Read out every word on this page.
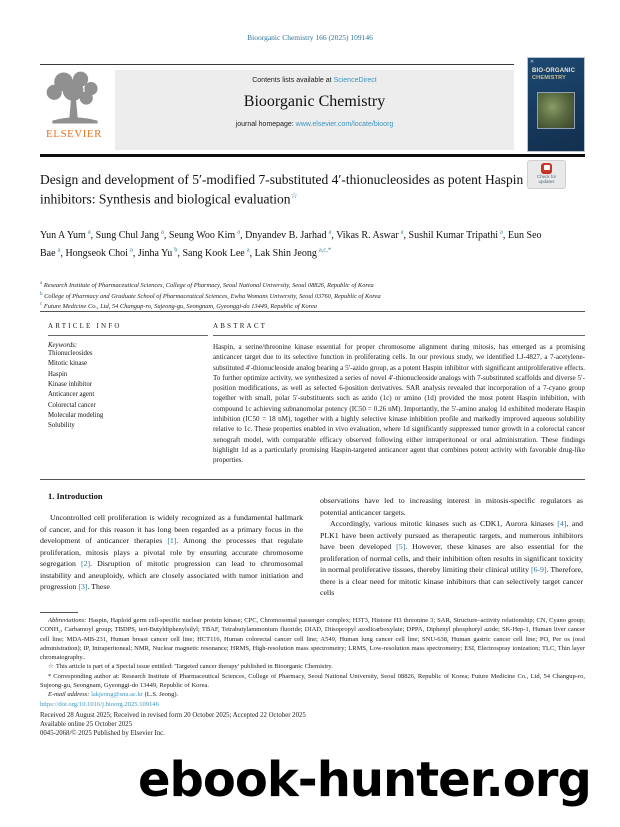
Bioorganic Chemistry 166 (2025) 109146
ELSEVIER
Contents lists available at ScienceDirect
Bioorganic Chemistry
journal homepage: www.elsevier.com/locate/bioorg
✕
BIO-ORGANIC
CHEMISTRY
Check for
updates
Design and development of 5′-modified 7-substituted 4′-thionucleosides as potent Haspin inhibitors: Synthesis and biological evaluation☆
Yun A Yum  $^a$ , Sung Chul Jang  $^a$ , Seung Woo Kim  $^a$ , Dnyandev B. Jarhad  $^a$ , Vikas R. Aswar  $^a$ , Sushil Kumar Tripathi  $^a$ , Eun Seo Bae  $^a$ , Hongseok Choi  $^a$ , Jinha Yu  $^b$ , Sang Kook Lee  $^a$ , Lak Shin Jeong  $^{a,c,*}$
$^a$ Research Institute of Pharmaceutical Sciences, College of Pharmacy, Seoul National University, Seoul 08826, Republic of Korea
$^b$ College of Pharmacy and Graduate School of Pharmaceutical Sciences, Ewha Womans University, Seoul 03760, Republic of Korea
$^c$ Future Medicine Co., Ltd, 54 Changup-ro, Sujeong-gu, Seongnam, Gyeonggi-do 13449, Republic of Korea
ARTICLE INFO
Keywords:
Thionucleosides
Mitotic kinase
Haspin
Kinase inhibitor
Anticancer agent
Colorectal cancer
Molecular modeling
Solubility
ABSTRACT
Haspin, a serine/threonine kinase essential for proper chromosome alignment during mitosis, has emerged as a promising anticancer target due to its selective function in proliferating cells. In our previous study, we identified LJ-4827, a 7-acetylene-substituted 4′-thionucleoside analog bearing a 5′-azido group, as a potent Haspin inhibitor with significant antiproliferative effects. To further optimize activity, we synthesized a series of novel 4′-thionucleoside analogs with 7-substituted scaffolds and diverse 5′-position modifications, as well as selected 6-position derivatives. SAR analysis revealed that incorporation of a 7-cyano group together with small, polar 5′-substituents such as azido (1c) or amino (1d) provided the most potent Haspin inhibition, with compound 1c achieving subnanomolar potency (IC50 = 0.26 nM). Importantly, the 5′-amino analog 1d exhibited moderate Haspin inhibition (IC50 = 18 nM), together with a highly selective kinase inhibition profile and markedly improved aqueous solubility relative to 1c. These properties enabled in vivo evaluation, where 1d significantly suppressed tumor growth in a colorectal cancer xenograft model, with comparable efficacy observed following either intraperitoneal or oral administration. These findings highlight 1d as a particularly promising Haspin-targeted anticancer agent that combines potent activity with favorable drug-like properties.
1. Introduction

Uncontrolled cell proliferation is widely recognized as a fundamental hallmark of cancer, and for this reason it has long been regarded as a primary focus in the development of anticancer therapies [1]. Among the processes that regulate proliferation, mitosis plays a pivotal role by ensuring accurate chromosome segregation [2]. Disruption of mitotic progression can lead to chromosomal instability and aneuploidy, which are closely associated with tumor initiation and progression [3]. These

observations have led to increasing interest in mitosis-specific regulators as potential anticancer targets.

Accordingly, various mitotic kinases such as CDK1, Aurora kinases [4], and PLK1 have been actively pursued as therapeutic targets, and numerous inhibitors have been developed [5]. However, these kinases are also essential for the proliferation of normal cells, and their inhibition often results in significant toxicity in normal proliferative tissues, thereby limiting their clinical utility [6-9]. Therefore, there is a clear need for mitotic kinase inhibitors that can selectively target cancer cells

Abbreviations: Haspin, Haploid germ cell-specific nuclear protein kinase; CPC, Chromosomal passenger complex; H3T3, Histone H3 threonine 3; SAR, Structure–activity relationship; CN, Cyano group; CONH₂, Carbamoyl group; TBDPS, tert-Butyldiphenylsilyl; TBAF, Tetrabutylammonium fluoride; DIAD, Diisopropyl azodicarboxylate; DPPA, Diphenyl phosphoryl azide; SK-Hep-1, Human liver cancer cell line; MDA-MB-231, Human breast cancer cell line; HCT116, Human colorectal cancer cell line; A549, Human lung cancer cell line; SNU-638, Human gastric cancer cell line; PO, Per os (oral administration); IP, Intraperitoneal; NMR, Nuclear magnetic resonance; HRMS, High-resolution mass spectrometry; LRMS, Low-resolution mass spectrometry; ESI, Electrospray ionization; TLC, Thin layer chromatography..

☆ This article is part of a Special issue entitled: 'Targeted cancer therapy' published in Bioorganic Chemistry.

* Corresponding author at: Research Institute of Pharmaceutical Sciences, College of Pharmacy, Seoul National University, Seoul 08826, Republic of Korea; Future Medicine Co., Ltd, 54 Changup-ro, Sujeong-gu, Seongnam, Gyeonggi-do 13449, Republic of Korea.

E-mail address: lakjeong@snu.ac.kr (L.S. Jeong).

https://doi.org/10.1016/j.bioorg.2025.109146

Received 28 August 2025; Received in revised form 20 October 2025; Accepted 22 October 2025
Available online 25 October 2025
0045-2068/© 2025 Published by Elsevier Inc.
ebook-hunter.org
